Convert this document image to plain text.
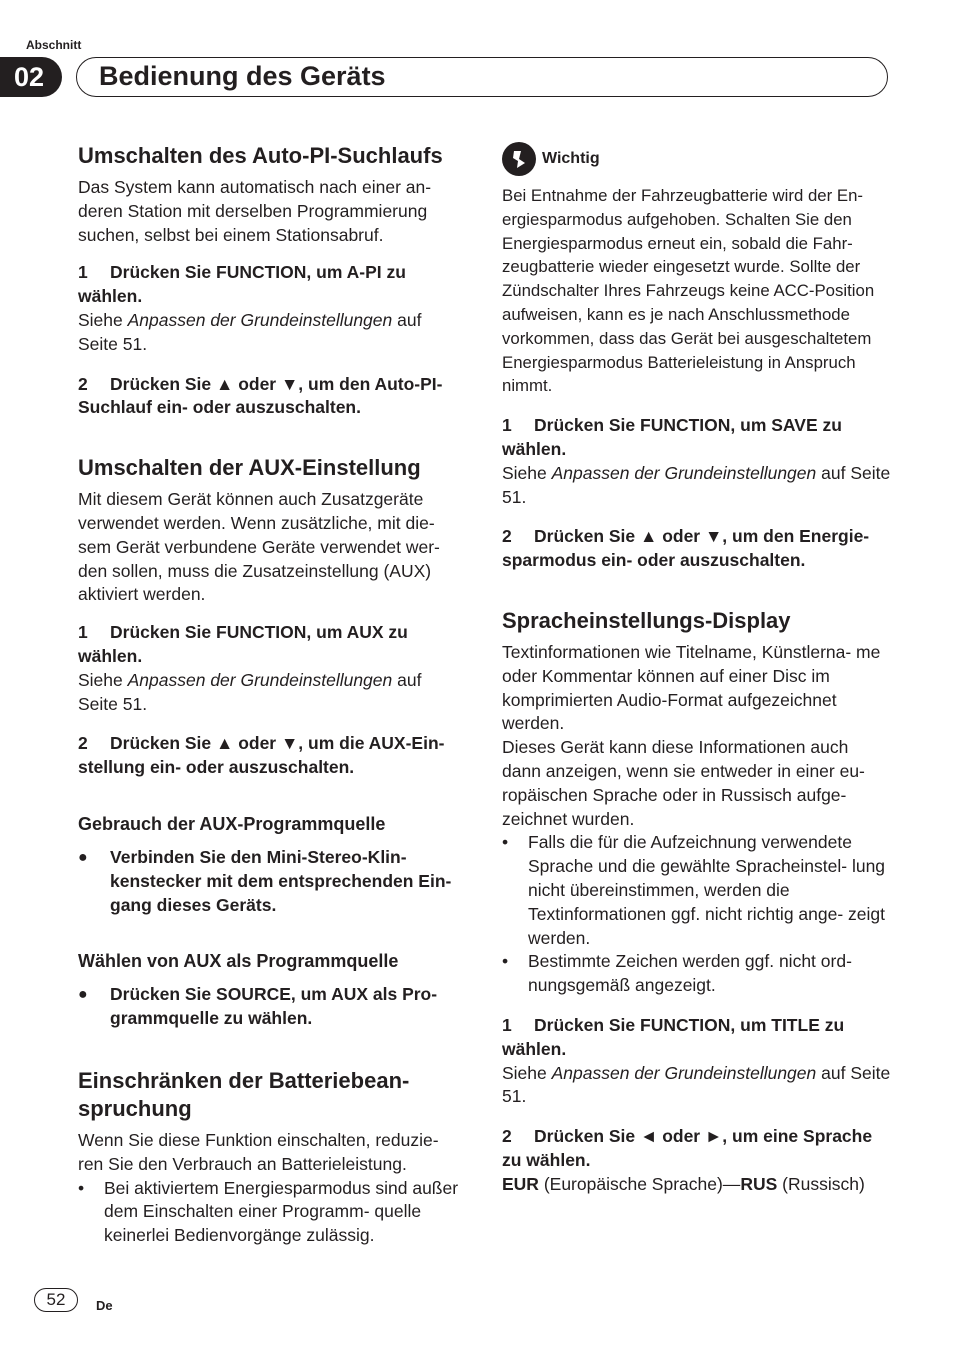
Abschnitt
02	Bedienung des Geräts
Umschalten des Auto-PI-Suchlaufs

Das System kann automatisch nach einer an- deren Station mit derselben Programmierung suchen, selbst bei einem Stationsabruf.

1 Drücken Sie FUNCTION, um A-PI zu wählen.

Siehe Anpassen der Grundeinstellungen auf Seite 51.

2 Drücken Sie ▲ oder ▼, um den Auto-PI- Suchlauf ein- oder auszuschalten.
Umschalten der AUX-Einstellung

Mit diesem Gerät können auch Zusatzgeräte verwendet werden. Wenn zusätzliche, mit die- sem Gerät verbundene Geräte verwendet wer- den sollen, muss die Zusatzeinstellung (AUX) aktiviert werden.

1 Drücken Sie FUNCTION, um AUX zu wählen.

Siehe Anpassen der Grundeinstellungen auf Seite 51.

2 Drücken Sie ▲ oder ▼, um die AUX-Ein- stellung ein- oder auszuschalten.
Gebrauch der AUX-Programmquelle
●	Verbinden Sie den Mini-Stereo-Klin- kenstecker mit dem entsprechenden Ein- gang dieses Geräts.
Wählen von AUX als Programmquelle
●	Drücken Sie SOURCE, um AUX als Pro- grammquelle zu wählen.
Einschränken der Batteriebean- spruchung

Wenn Sie diese Funktion einschalten, reduzie- ren Sie den Verbrauch an Batterieleistung.

•	Bei aktiviertem Energiesparmodus sind außer dem Einschalten einer Programm- quelle keinerlei Bedienvorgänge zulässig.
Wichtig

Bei Entnahme der Fahrzeugbatterie wird der En- ergiesparmodus aufgehoben. Schalten Sie den Energiesparmodus erneut ein, sobald die Fahr- zeugbatterie wieder eingesetzt wurde. Sollte der Zündschalter Ihres Fahrzeugs keine ACC-Position aufweisen, kann es je nach Anschlussmethode vorkommen, dass das Gerät bei ausgeschaltetem Energiesparmodus Batterieleistung in Anspruch nimmt.

1 Drücken Sie FUNCTION, um SAVE zu wählen.

Siehe Anpassen der Grundeinstellungen auf Seite 51.

2 Drücken Sie ▲ oder ▼, um den Energie- sparmodus ein- oder auszuschalten.
Spracheinstellungs-Display

Textinformationen wie Titelname, Künstlerna- me oder Kommentar können auf einer Disc im komprimierten Audio-Format aufgezeichnet werden.

Dieses Gerät kann diese Informationen auch dann anzeigen, wenn sie entweder in einer eu- ropäischen Sprache oder in Russisch aufge- zeichnet wurden.

•	Falls die für die Aufzeichnung verwendete Sprache und die gewählte Spracheinstel- lung nicht übereinstimmen, werden die Textinformationen ggf. nicht richtig ange- zeigt werden.
•	Bestimmte Zeichen werden ggf. nicht ord- nungsgemäß angezeigt.
1 Drücken Sie FUNCTION, um TITLE zu wählen.

Siehe Anpassen der Grundeinstellungen auf Seite 51.

2 Drücken Sie ◄ oder ►, um eine Sprache zu wählen.

EUR (Europäische Sprache)—RUS (Russisch)

52	De
